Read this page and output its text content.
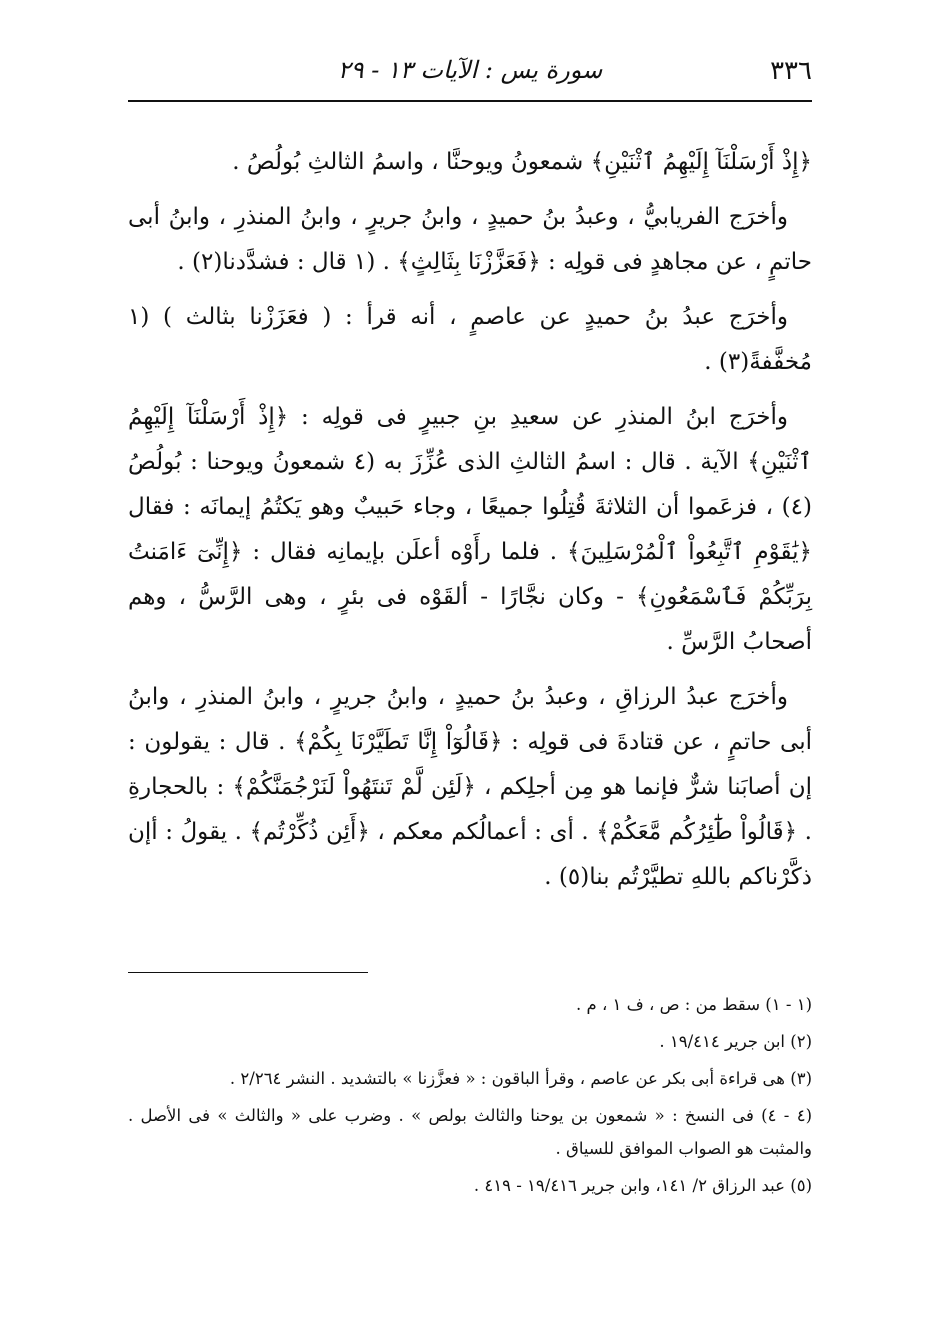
٣٣٦
سورة يس : الآيات ١٣ - ٢٩

﴿إِذْ أَرْسَلْنَآ إِلَيْهِمُ ٱثْنَيْنِ﴾ شمعونُ ويوحنَّا ، واسمُ الثالثِ بُولُصُ .

وأخرَج الفريابيُّ ، وعبدُ بنُ حميدٍ ، وابنُ جريرٍ ، وابنُ المنذرِ ، وابنُ أبى حاتمٍ ، عن مجاهدٍ فى قولِه : ﴿فَعَزَّزْنَا بِثَالِثٍ﴾ . (١ قال : فشدَّدنا(٢) .

وأخرَج عبدُ بنُ حميدٍ عن عاصمٍ ، أنه قرأ : ( فعَزَزْنا بثالث ) (١ مُخفَّفةً(٣) .

وأخرَج ابنُ المنذرِ عن سعيدِ بنِ جبيرٍ فى قولِه : ﴿إِذْ أَرْسَلْنَآ إِلَيْهِمُ ٱثْنَيْنِ﴾ الآية . قال : اسمُ الثالثِ الذى عُزِّزَ به (٤ شمعونُ ويوحنا : بُولُصُ (٤) ، فزعَموا أن الثلاثةَ قُتِلُوا جميعًا ، وجاء حَبيبٌ وهو يَكتُمُ إيمانَه : فقال ﴿يَٰقَوْمِ ٱتَّبِعُواْ ٱلْمُرْسَلِينَ﴾ . فلما رأَوْه أعلَن بإيمانِه فقال : ﴿إِنِّىٓ ءَامَنتُ بِرَبِّكُمْ فَٱسْمَعُونِ﴾ - وكان نجَّارًا - ألقَوْه فى بئرٍ ، وهى الرَّسُّ ، وهم أصحابُ الرَّسِّ .

وأخرَج عبدُ الرزاقِ ، وعبدُ بنُ حميدٍ ، وابنُ جريرٍ ، وابنُ المنذرِ ، وابنُ أبى حاتمٍ ، عن قتادةَ فى قولِه : ﴿قَالُوٓاْ إِنَّا تَطَيَّرْنَا بِكُمْ﴾ . قال : يقولون : إن أصابَنا شرٌّ فإنما هو مِن أجلِكم ، ﴿لَئِن لَّمْ تَنتَهُواْ لَنَرْجُمَنَّكُمْ﴾ : بالحجارةِ . ﴿قَالُواْ طَٰٓئِرُكُم مَّعَكُمْ﴾ . أى : أعمالُكم معكم ، ﴿أَئِن ذُكِّرْتُم﴾ . يقولُ : أإن ذكَّرْناكم باللهِ تطيَّرْتُم بنا(٥) .

(١ - ١) سقط من : ص ، ف ١ ، م .

(٢) ابن جرير ١٩/٤١٤ .

(٣) هى قراءة أبى بكر عن عاصم ، وقرأ الباقون : « فعزَّزنا » بالتشديد . النشر ٢/٢٦٤ .

(٤ - ٤) فى النسخ : « شمعون بن يوحنا والثالث بولص » . وضرب على « والثالث » فى الأصل . والمثبت هو الصواب الموافق للسياق .

(٥) عبد الرزاق ٢/ ١٤١، وابن جرير ١٩/٤١٦ - ٤١٩ .
